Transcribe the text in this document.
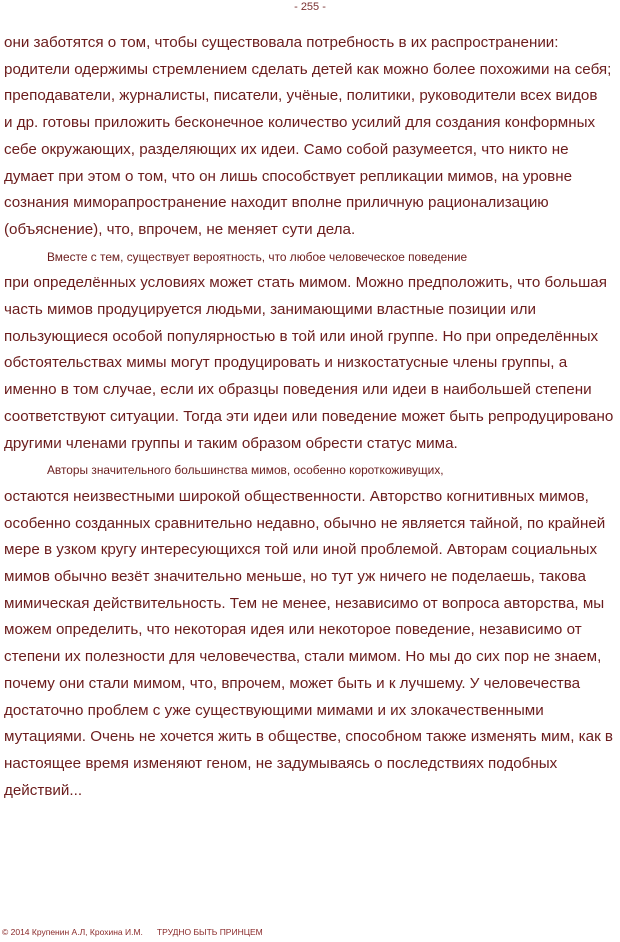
- 255 -
они заботятся о том, чтобы существовала потребность в их распространении:
родители одержимы стремлением сделать детей как можно более похожими на себя;
преподаватели, журналисты, писатели, учёные, политики, руководители всех видов
и др. готовы приложить бесконечное количество усилий для создания конформных
себе окружающих, разделяющих их идеи. Само собой разумеется, что никто не
думает при этом о том, что он лишь способствует репликации мимов, на уровне
сознания миморапространение находит вполне приличную рационализацию
(объяснение), что, впрочем, не меняет сути дела.
Вместе с тем, существует вероятность, что любое человеческое поведение
при определённых условиях может стать мимом. Можно предположить, что большая
часть мимов продуцируется людьми, занимающими властные позиции или
пользующиеся особой популярностью в той или иной группе. Но при определённых
обстоятельствах мимы могут продуцировать и низкостатусные члены группы, а
именно в том случае, если их образцы поведения или идеи в наибольшей степени
соответствуют ситуации. Тогда эти идеи или поведение может быть репродуцировано
другими членами группы и таким образом обрести статус мима.
Авторы значительного большинства мимов, особенно короткоживущих,
остаются неизвестными широкой общественности. Авторство когнитивных мимов,
особенно созданных сравнительно недавно, обычно не является тайной, по крайней
мере в узком кругу интересующихся той или иной проблемой. Авторам социальных
мимов обычно везёт значительно меньше, но тут уж ничего не поделаешь, такова
мимическая действительность. Тем не менее, независимо от вопроса авторства, мы
можем определить, что некоторая идея или некоторое поведение, независимо от
степени их полезности для человечества, стали мимом. Но мы до сих пор не знаем,
почему они стали мимом, что, впрочем, может быть и к лучшему. У человечества
достаточно проблем с уже существующими мимами и их злокачественными
мутациями. Очень не хочется жить в обществе, способном также изменять мим, как в
настоящее время изменяют геном, не задумываясь о последствиях подобных
действий...
© 2014 Крупенин А.Л, Крохина И.М. ТРУДНО БЫТЬ ПРИНЦЕМ
